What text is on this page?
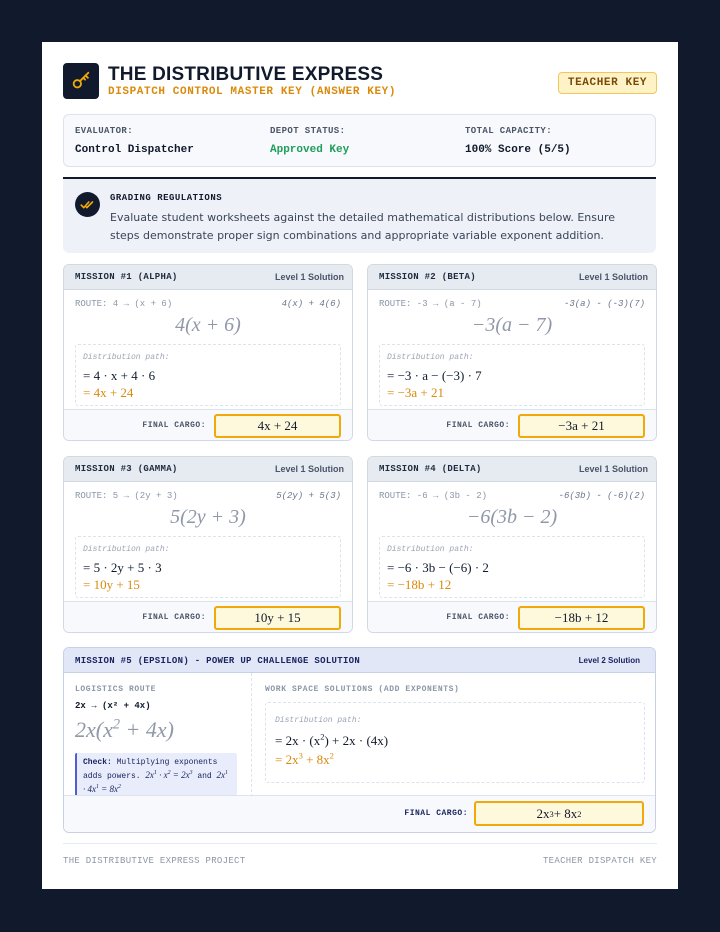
THE DISTRIBUTIVE EXPRESS
DISPATCH CONTROL MASTER KEY (ANSWER KEY)
TEACHER KEY
EVALUATOR:
Control Dispatcher
DEPOT STATUS:
Approved Key
TOTAL CAPACITY:
100% Score (5/5)
GRADING REGULATIONS
Evaluate student worksheets against the detailed mathematical distributions below. Ensure steps demonstrate proper sign combinations and appropriate variable exponent addition.
MISSION #1 (ALPHA)	Level 1 Solution
ROUTE: 4 → (x + 6)	4(x) + 4(6)
4(x + 6)
Distribution path:
= 4 · x + 4 · 6
= 4x + 24
FINAL CARGO:	4x + 24
MISSION #2 (BETA)	Level 1 Solution
ROUTE: -3 → (a - 7)	-3(a) - (-3)(7)
−3(a − 7)
Distribution path:
= −3 · a − (−3) · 7
= −3a + 21
FINAL CARGO:	−3a + 21
MISSION #3 (GAMMA)	Level 1 Solution
ROUTE: 5 → (2y + 3)	5(2y) + 5(3)
5(2y + 3)
Distribution path:
= 5 · 2y + 5 · 3
= 10y + 15
FINAL CARGO:	10y + 15
MISSION #4 (DELTA)	Level 1 Solution
ROUTE: -6 → (3b - 2)	-6(3b) - (-6)(2)
−6(3b − 2)
Distribution path:
= −6 · 3b − (−6) · 2
= −18b + 12
FINAL CARGO:	−18b + 12
MISSION #5 (EPSILON) - POWER UP CHALLENGE SOLUTION	Level 2 Solution
LOGISTICS ROUTE
2x → (x² + 4x)
$2x(x^2 + 4x)$
Check: Multiplying exponents adds powers. $2x^1 \cdot x^2 = 2x^3$ and $2x^1 \cdot 4x^1 = 8x^2$
WORK SPACE SOLUTIONS (ADD EXPONENTS)
Distribution path:
= $2x \cdot (x^2) + 2x \cdot (4x)$
= $2x^3 + 8x^2$
FINAL CARGO:	2x 3 + 8x 2
THE DISTRIBUTIVE EXPRESS PROJECT	TEACHER DISPATCH KEY
